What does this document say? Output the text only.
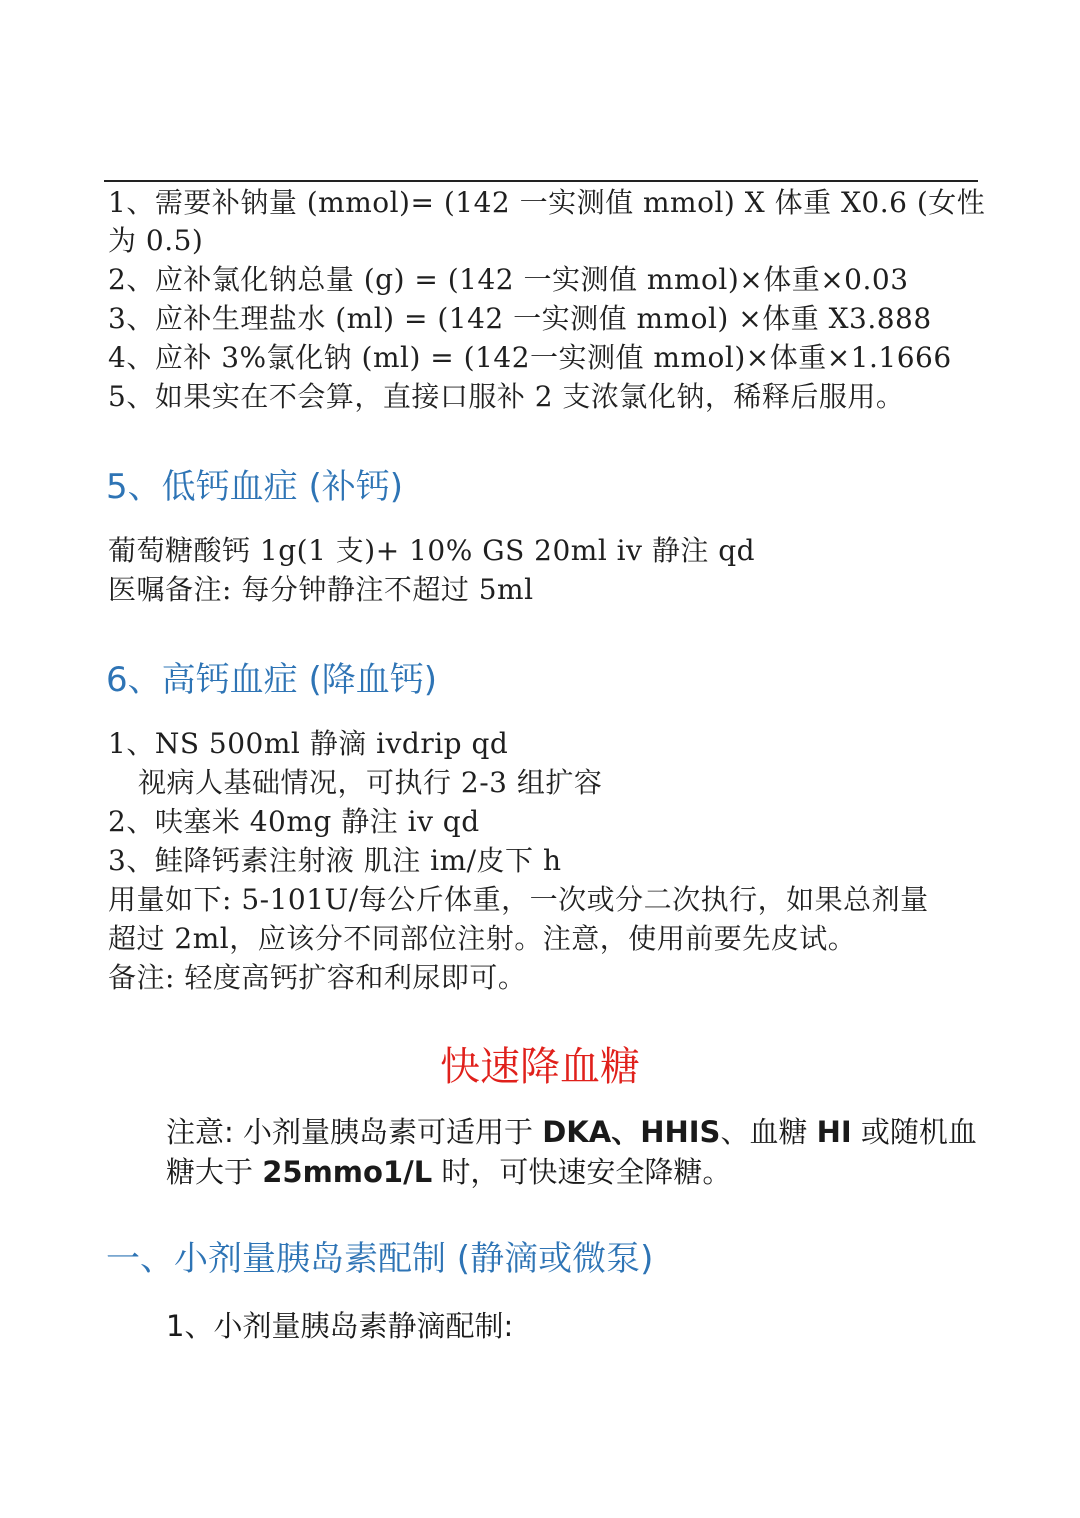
1、需要补钠量 (mmol)= (142 一实测值 mmol) X 体重 X0.6 (女性
为 0.5)
2、应补氯化钠总量 (g) = (142 一实测值 mmol)×体重×0.03
3、应补生理盐水 (ml) = (142 一实测值 mmol) ×体重 X3.888
4、应补 3%氯化钠 (ml) = (142一实测值 mmol)×体重×1.1666
5、如果实在不会算，直接口服补 2 支浓氯化钠，稀释后服用。
5、低钙血症 (补钙)
葡萄糖酸钙 1g(1 支)+ 10% GS 20ml iv 静注 qd
医嘱备注: 每分钟静注不超过 5ml
6、高钙血症 (降血钙)
1、NS 500ml 静滴 ivdrip qd
视病人基础情况，可执行 2-3 组扩容
2、呋塞米 40mg 静注 iv qd
3、鲑降钙素注射液 肌注 im/皮下 h
用量如下: 5-101U/每公斤体重，一次或分二次执行，如果总剂量
超过 2ml，应该分不同部位注射。注意，使用前要先皮试。
备注: 轻度高钙扩容和利尿即可。
快速降血糖
注意: 小剂量胰岛素可适用于 DKA、HHIS、血糖 HI 或随机血
糖大于 25mmo1/L 时，可快速安全降糖。
一、小剂量胰岛素配制 (静滴或微泵)
1、小剂量胰岛素静滴配制:
